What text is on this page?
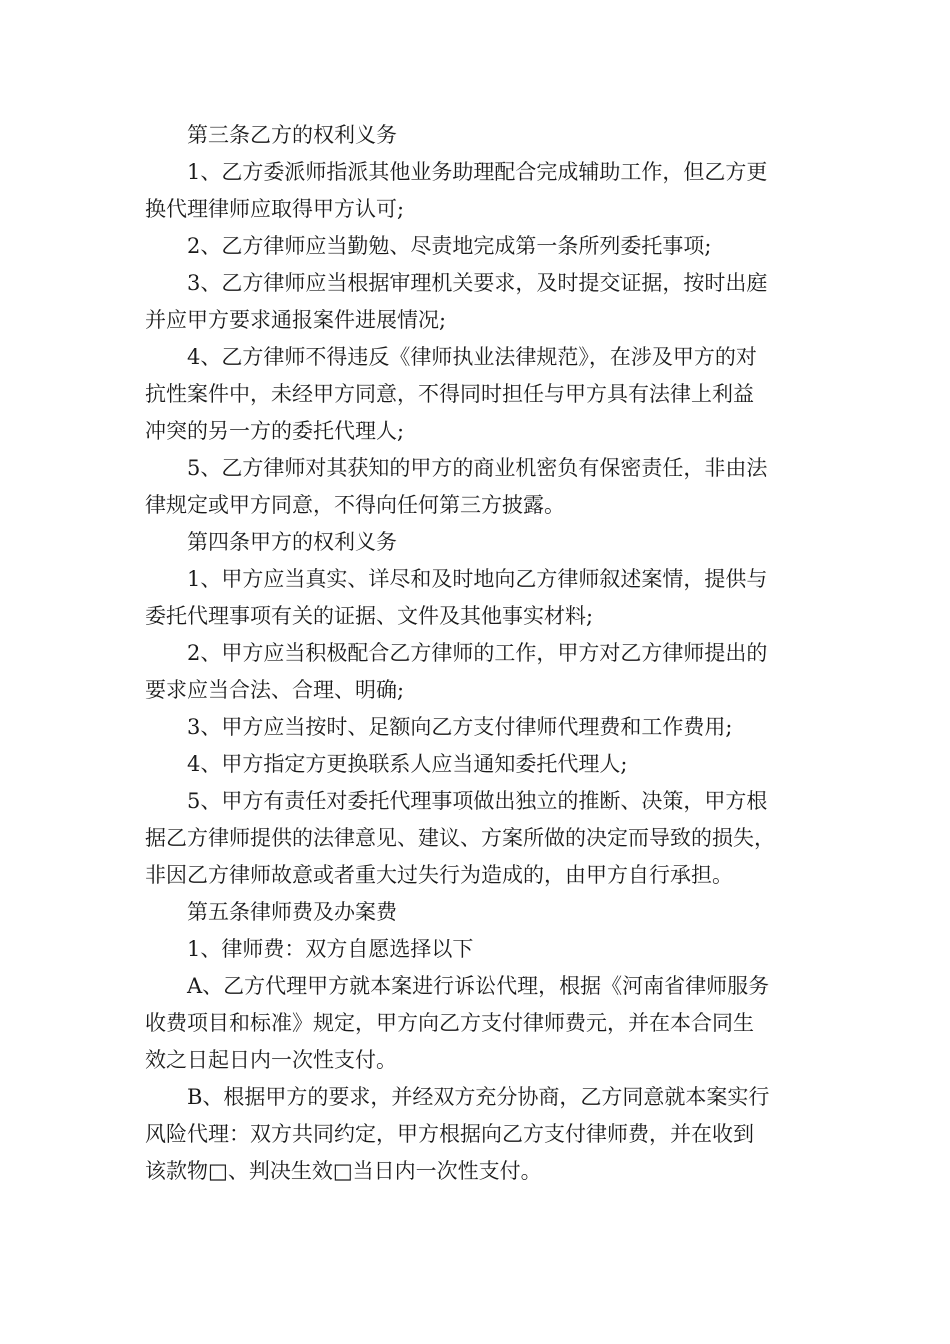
第三条乙方的权利义务
1、乙方委派师指派其他业务助理配合完成辅助工作，但乙方更
换代理律师应取得甲方认可;
2、乙方律师应当勤勉、尽责地完成第一条所列委托事项;
3、乙方律师应当根据审理机关要求，及时提交证据，按时出庭
并应甲方要求通报案件进展情况;
4、乙方律师不得违反《律师执业法律规范》，在涉及甲方的对
抗性案件中，未经甲方同意，不得同时担任与甲方具有法律上利益
冲突的另一方的委托代理人;
5、乙方律师对其获知的甲方的商业机密负有保密责任，非由法
律规定或甲方同意，不得向任何第三方披露。
第四条甲方的权利义务
1、甲方应当真实、详尽和及时地向乙方律师叙述案情，提供与
委托代理事项有关的证据、文件及其他事实材料;
2、甲方应当积极配合乙方律师的工作，甲方对乙方律师提出的
要求应当合法、合理、明确;
3、甲方应当按时、足额向乙方支付律师代理费和工作费用;
4、甲方指定方更换联系人应当通知委托代理人;
5、甲方有责任对委托代理事项做出独立的推断、决策，甲方根
据乙方律师提供的法律意见、建议、方案所做的决定而导致的损失，
非因乙方律师故意或者重大过失行为造成的，由甲方自行承担。
第五条律师费及办案费
1、律师费：双方自愿选择以下
A、乙方代理甲方就本案进行诉讼代理，根据《河南省律师服务
收费项目和标准》规定，甲方向乙方支付律师费元，并在本合同生
效之日起日内一次性支付。
B、根据甲方的要求，并经双方充分协商，乙方同意就本案实行
风险代理：双方共同约定，甲方根据向乙方支付律师费，并在收到
该款物□、判决生效□当日内一次性支付。
